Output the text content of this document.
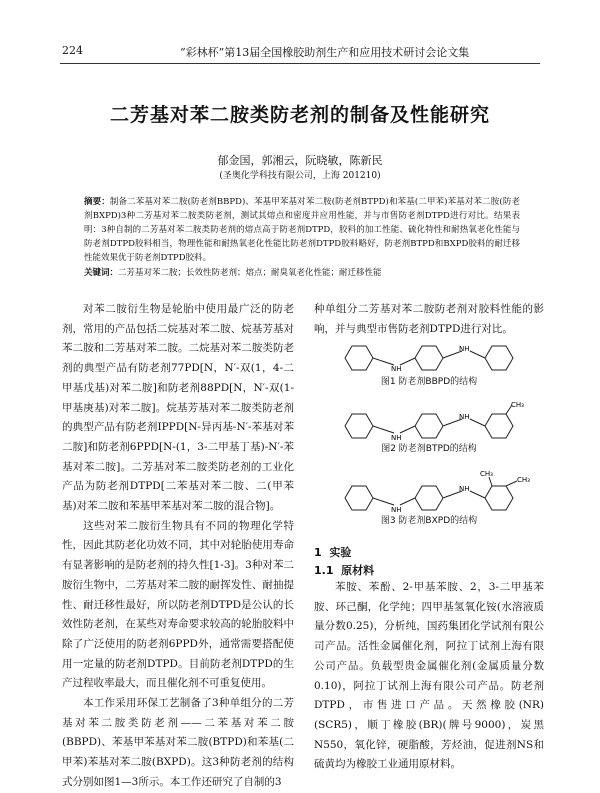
224	“彩林杯”第13届全国橡胶助剂生产和应用技术研讨会论文集
二芳基对苯二胺类防老剂的制备及性能研究
郁金国，郭湘云，阮晓敏，陈新民
(圣奥化学科技有限公司，上海 201210)
摘要：制备二苯基对苯二胺(防老剂BBPD)、苯基甲苯基对苯二胺(防老剂BTPD)和苯基(二甲苯)苯基对苯二胺(防老剂BXPD)3种二芳基对苯二胺类防老剂，测试其熔点和密度并应用性能，并与市售防老剂DTPD进行对比。结果表明：3种自制的二芳基对苯二胺类防老剂的熔点高于防老剂DTPD，胶料的加工性能、硫化特性和耐热氧老化性能与防老剂DTPD胶料相当，物理性能和耐热氧老化性能比防老剂DTPD胶料略好，防老剂BTPD和BXPD胶料的耐迁移性能效果优于防老剂DTPD胶料。
关键词：二芳基对苯二胺；长效性防老剂；熔点；耐臭氧老化性能；耐迁移性能

对苯二胺衍生物是轮胎中使用最广泛的防老剂，常用的产品包括二烷基对苯二胺、烷基芳基对苯二胺和二芳基对苯二胺。二烷基对苯二胺类防老剂的典型产品有防老剂77PD[N，N′-双(1，4-二甲基戊基)对苯二胺]和防老剂88PD[N，N′-双(1-甲基庚基)对苯二胺]。烷基芳基对苯二胺类防老剂的典型产品有防老剂IPPD[N-异丙基-N′-苯基对苯二胺]和防老剂6PPD[N-(1，3-二甲基丁基)-N′-苯基对苯二胺]。二芳基对苯二胺类防老剂的工业化产品为防老剂DTPD[二苯基对苯二胺、二(甲苯基)对苯二胺和苯基甲苯基对苯二胺的混合物]。

这些对苯二胺衍生物具有不同的物理化学特性，因此其防老化功效不同，其中对轮胎使用寿命有显著影响的是防老剂的持久性[1-3]。3种对苯二胺衍生物中，二芳基对苯二胺的耐挥发性、耐抽提性、耐迁移性最好，所以防老剂DTPD是公认的长效性防老剂，在某些对寿命要求较高的轮胎胶料中除了广泛使用的防老剂6PPD外，通常需要搭配使用一定量的防老剂DTPD。目前防老剂DTPD的生产过程收率最大，而且催化剂不可重复使用。

本工作采用环保工艺制备了3种单组分的二芳基对苯二胺类防老剂——二苯基对苯二胺(BBPD)、苯基甲苯基对苯二胺(BTPD)和苯基(二甲苯)苯基对苯二胺(BXPD)。这3种防老剂的结构式分别如图1—3所示。本工作还研究了自制的3

种单组分二芳基对苯二胺防老剂对胶料性能的影响，并与典型市售防老剂DTPD进行对比。
NH
NH
图1 防老剂BBPD的结构
NH
NH
CH₃
图2 防老剂BTPD的结构
NH
NH
CH₃
CH₃
图3 防老剂BXPD的结构
1 实验
1.1 原材料
苯胺、苯酚、2-甲基苯胺、2，3-二甲基苯胺、环己酮，化学纯；四甲基氢氧化铵(水溶液质量分数0.25)，分析纯，国药集团化学试剂有限公司产品。活性金属催化剂，阿拉丁试剂上海有限公司产品。负载型贵金属催化剂(金属质量分数0.10)，阿拉丁试剂上海有限公司产品。防老剂DTPD，市售进口产品。天然橡胶(NR)(SCR5)，顺丁橡胶(BR)(牌号9000)，炭黑N550，氧化锌，硬脂酸，芳烃油，促进剂NS和硫黄均为橡胶工业通用原材料。
